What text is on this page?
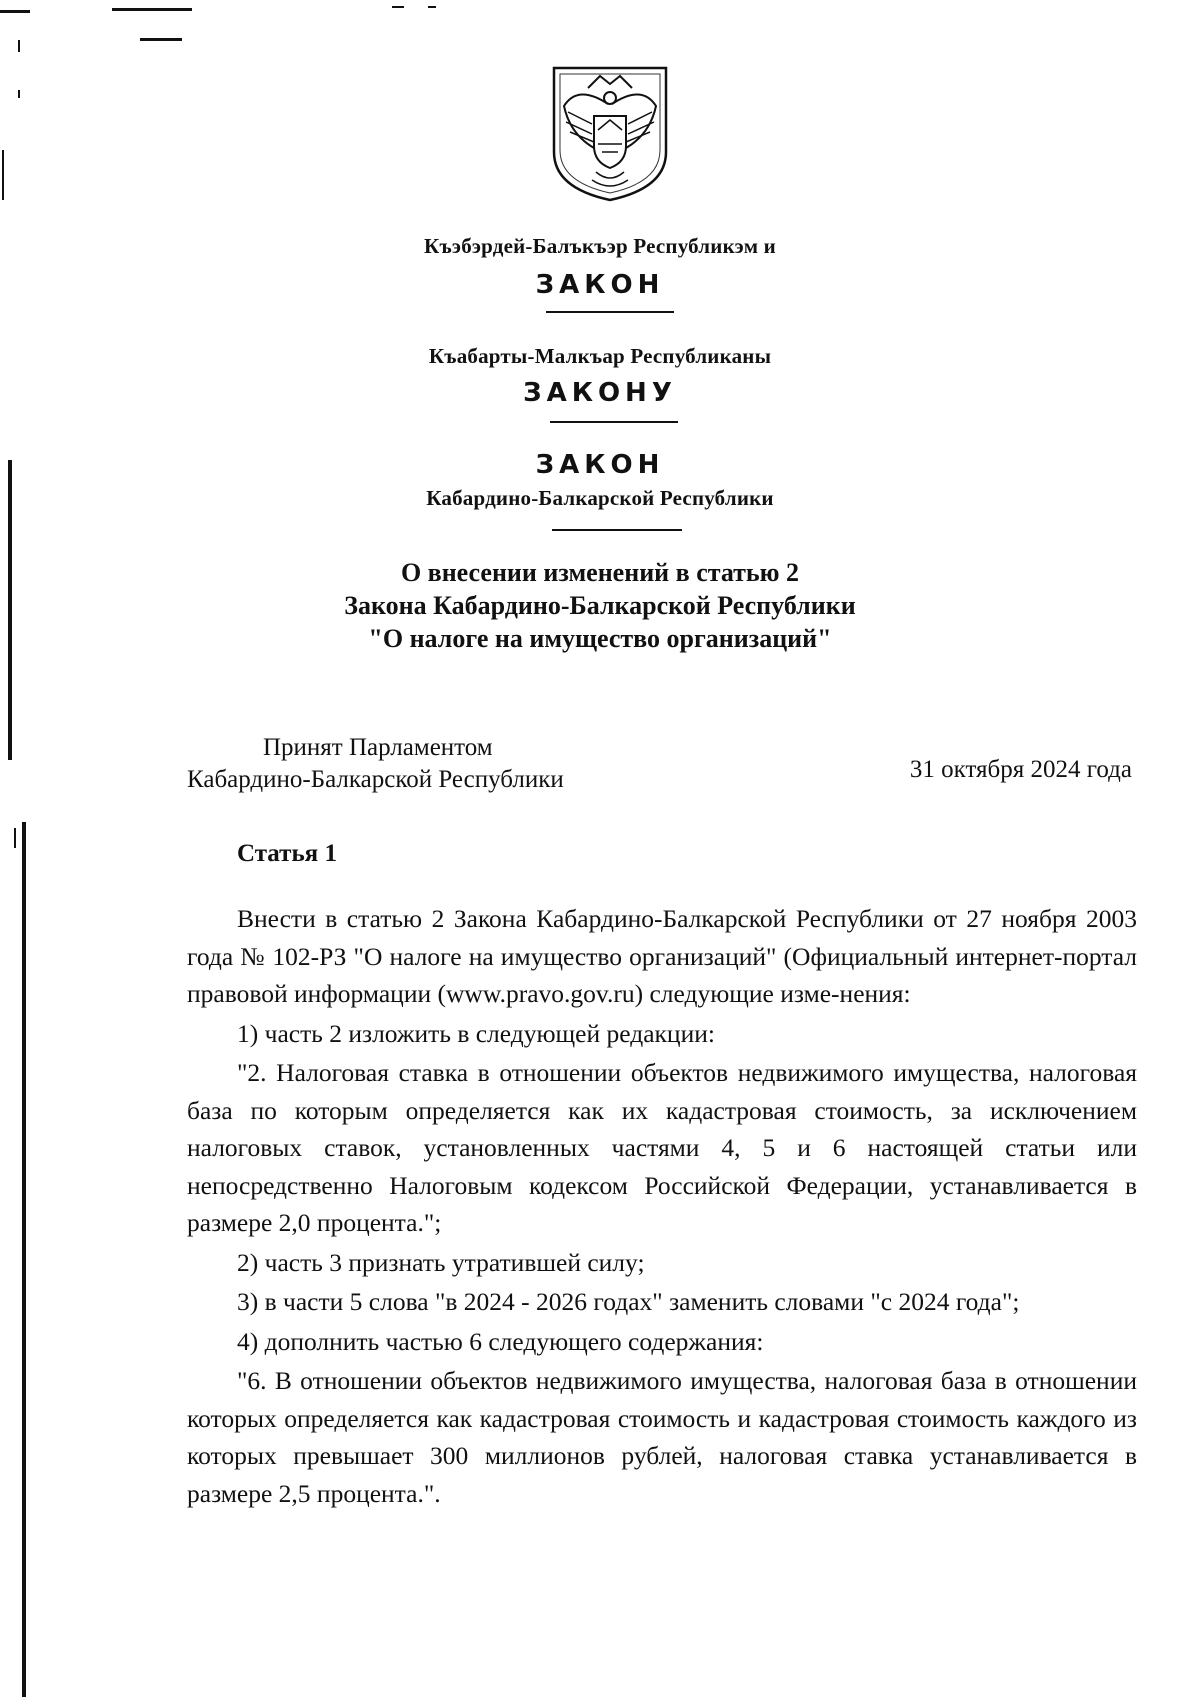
Къэбэрдей-Балъкъэр Республикэм и
ЗАКОН
Къабарты-Малкъар Республиканы
ЗАКОНУ
ЗАКОН
Кабардино-Балкарской Республики
О внесении изменений в статью 2
Закона Кабардино-Балкарской Республики
"О налоге на имущество организаций"
Принят Парламентом
Кабардино-Балкарской Республики	31 октября 2024 года
Статья 1

Внести в статью 2 Закона Кабардино-Балкарской Республики от 27 ноября 2003 года № 102-РЗ "О налоге на имущество организаций" (Официальный интернет-портал правовой информации (www.pravo.gov.ru) следующие изме-нения:

1) часть 2 изложить в следующей редакции:

"2. Налоговая ставка в отношении объектов недвижимого имущества, налоговая база по которым определяется как их кадастровая стоимость, за исключением налоговых ставок, установленных частями 4, 5 и 6 настоящей статьи или непосредственно Налоговым кодексом Российской Федерации, устанавливается в размере 2,0 процента.";

2) часть 3 признать утратившей силу;

3) в части 5 слова "в 2024 - 2026 годах" заменить словами "с 2024 года";

4) дополнить частью 6 следующего содержания:

"6. В отношении объектов недвижимого имущества, налоговая база в отношении которых определяется как кадастровая стоимость и кадастровая стоимость каждого из которых превышает 300 миллионов рублей, налоговая ставка устанавливается в размере 2,5 процента.".
